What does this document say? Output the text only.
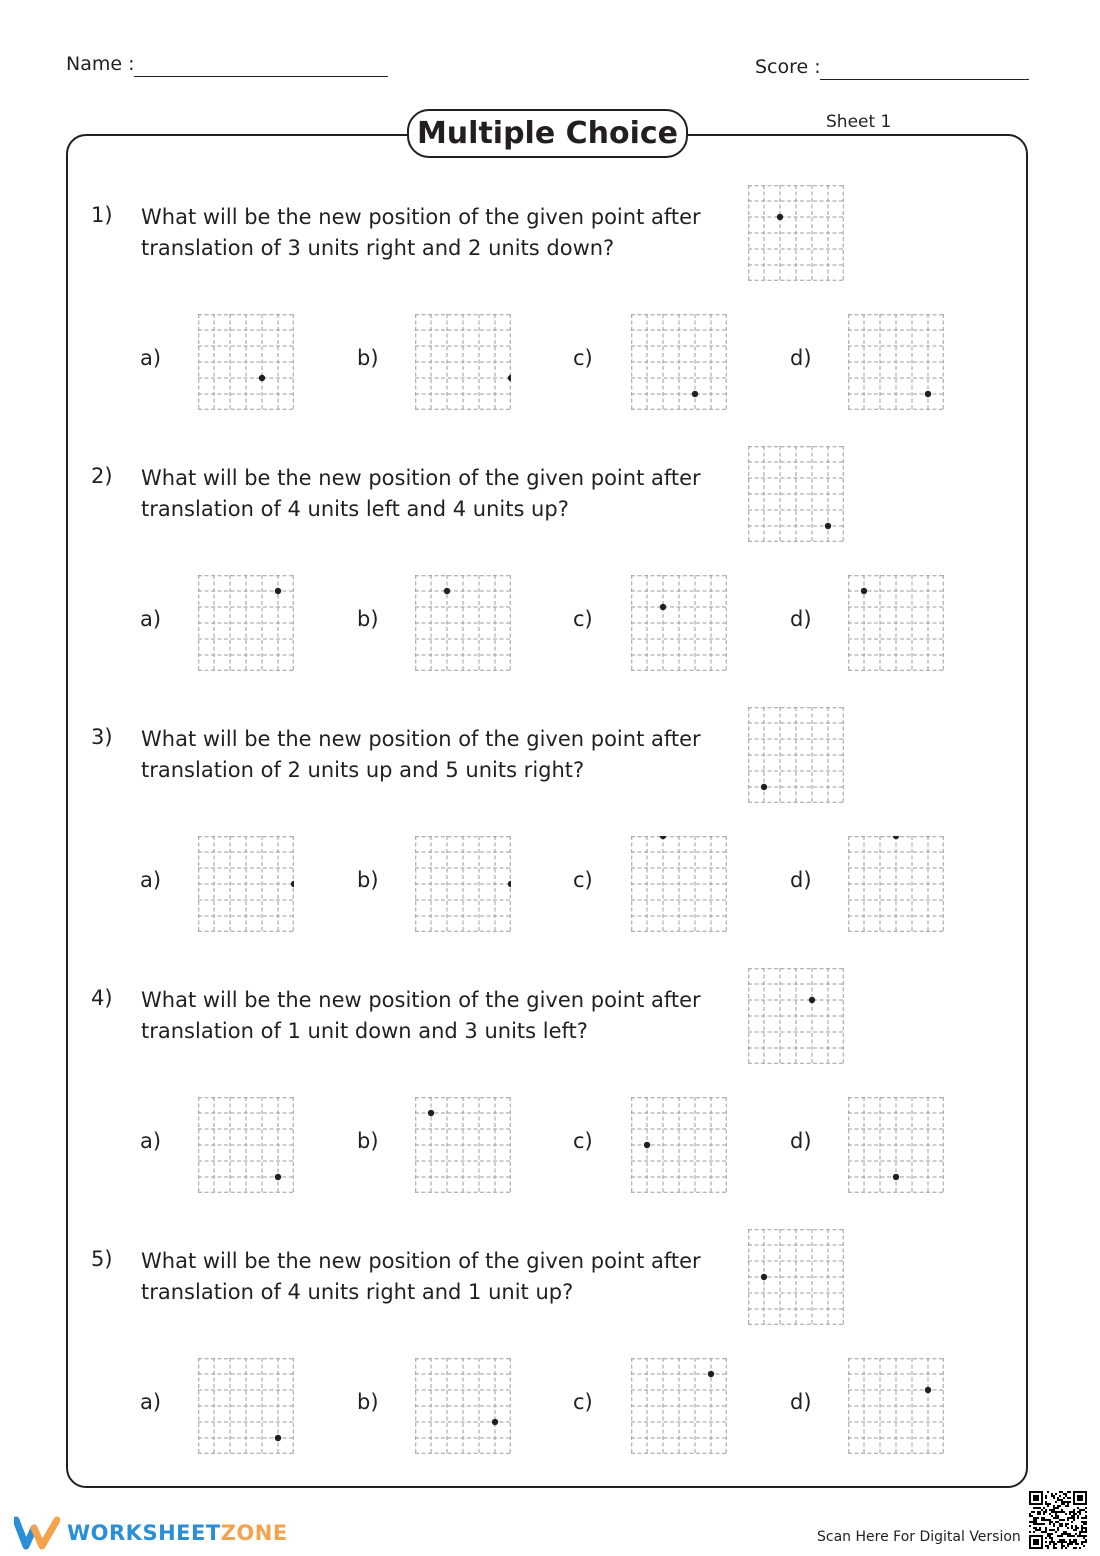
Name :	Score :
Multiple Choice	Sheet 1
1) What will be the new position of the given point after translation of 3 units right and 2 units down?
a)	b)	c)	d)
2) What will be the new position of the given point after translation of 4 units left and 4 units up?
a)	b)	c)	d)
3) What will be the new position of the given point after translation of 2 units up and 5 units right?
a)	b)	c)	d)
4) What will be the new position of the given point after translation of 1 unit down and 3 units left?
a)	b)	c)	d)
5) What will be the new position of the given point after translation of 4 units right and 1 unit up?
a)	b)	c)	d)
WORKSHEETZONE	Scan Here For Digital Version
